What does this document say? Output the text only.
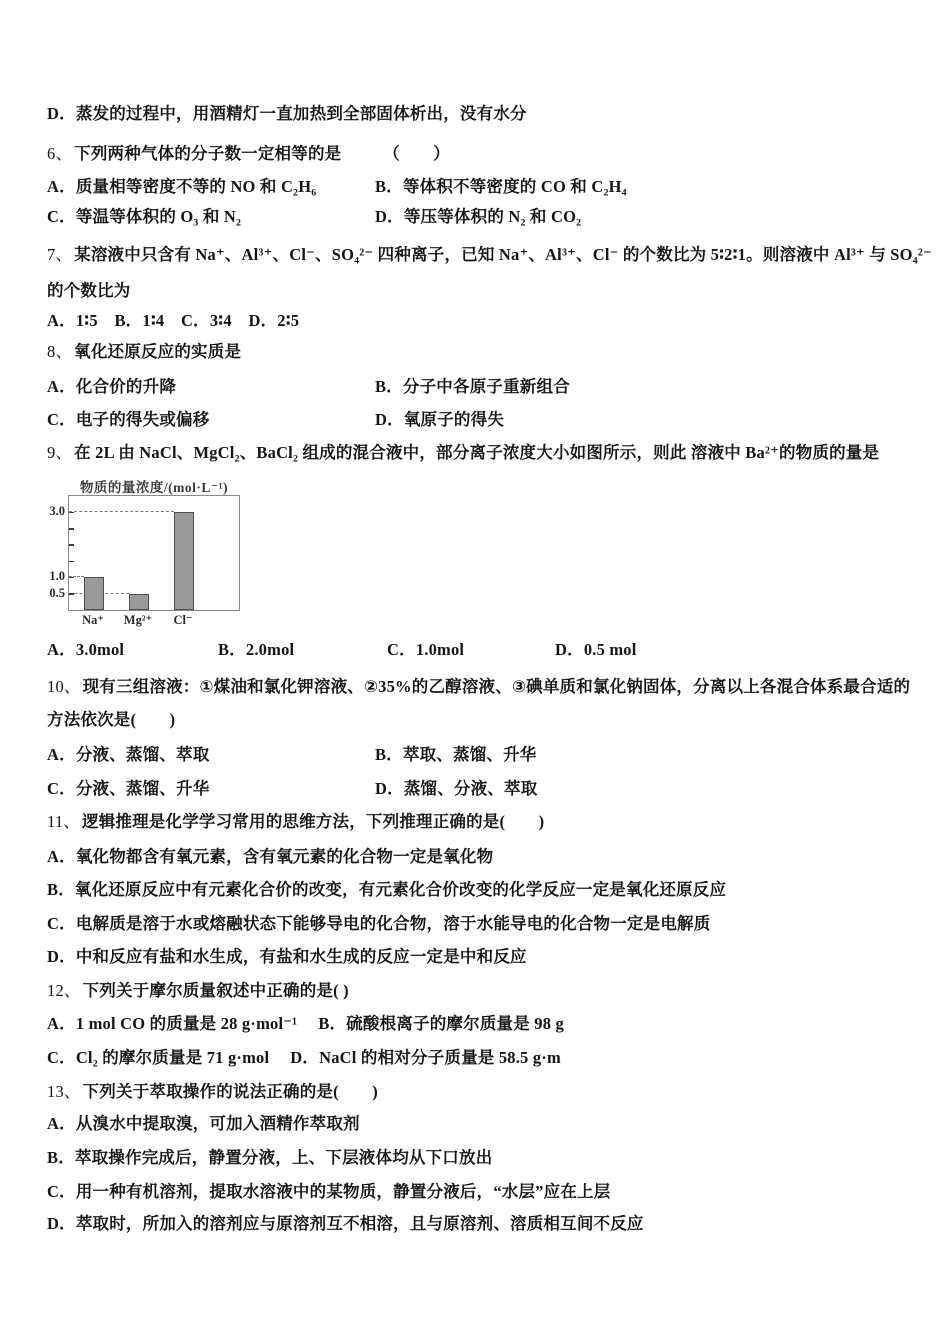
D．蒸发的过程中，用酒精灯一直加热到全部固体析出，没有水分
6、 下列两种气体的分子数一定相等的是　　　（　　）
A．质量相等密度不等的 NO 和 C₂H₆	B．等体积不等密度的 CO 和 C₂H₄
C．等温等体积的 O₃ 和 N₂	D．等压等体积的 N₂ 和 CO₂
7、 某溶液中只含有 Na⁺、Al³⁺、Cl⁻、SO₄²⁻ 四种离子，已知 Na⁺、Al³⁺、Cl⁻ 的个数比为 5∶2∶1。则溶液中 Al³⁺ 与 SO₄²⁻
的个数比为
A．1∶5　B．1∶4　C．3∶4　D．2∶5
8、 氧化还原反应的实质是
A．化合价的升降	B．分子中各原子重新组合
C．电子的得失或偏移	D．氧原子的得失
9、 在 2L 由 NaCl、MgCl₂、BaCl₂ 组成的混合液中，部分离子浓度大小如图所示，则此 溶液中 Ba²⁺的物质的量是
物质的量浓度/(mol·L⁻¹)
3.0
1.0
0.5
Na⁺	Mg²⁺	Cl⁻
A．3.0mol	B．2.0mol	C．1.0mol	D．0.5 mol
10、 现有三组溶液：①煤油和氯化钾溶液、②35%的乙醇溶液、③碘单质和氯化钠固体，分离以上各混合体系最合适的
方法依次是(　　)
A．分液、蒸馏、萃取	B．萃取、蒸馏、升华
C．分液、蒸馏、升华	D．蒸馏、分液、萃取
11、 逻辑推理是化学学习常用的思维方法，下列推理正确的是(　　)
A．氧化物都含有氧元素，含有氧元素的化合物一定是氧化物
B．氧化还原反应中有元素化合价的改变，有元素化合价改变的化学反应一定是氧化还原反应
C．电解质是溶于水或熔融状态下能够导电的化合物，溶于水能导电的化合物一定是电解质
D．中和反应有盐和水生成，有盐和水生成的反应一定是中和反应
12、 下列关于摩尔质量叙述中正确的是( )
A．1 mol CO 的质量是 28 g·mol⁻¹　 B．硫酸根离子的摩尔质量是 98 g
C．Cl₂ 的摩尔质量是 71 g·mol　 D．NaCl 的相对分子质量是 58.5 g·m
13、 下列关于萃取操作的说法正确的是(　　)
A．从溴水中提取溴，可加入酒精作萃取剂
B．萃取操作完成后，静置分液，上、下层液体均从下口放出
C．用一种有机溶剂，提取水溶液中的某物质，静置分液后，“水层”应在上层
D．萃取时，所加入的溶剂应与原溶剂互不相溶，且与原溶剂、溶质相互间不反应
